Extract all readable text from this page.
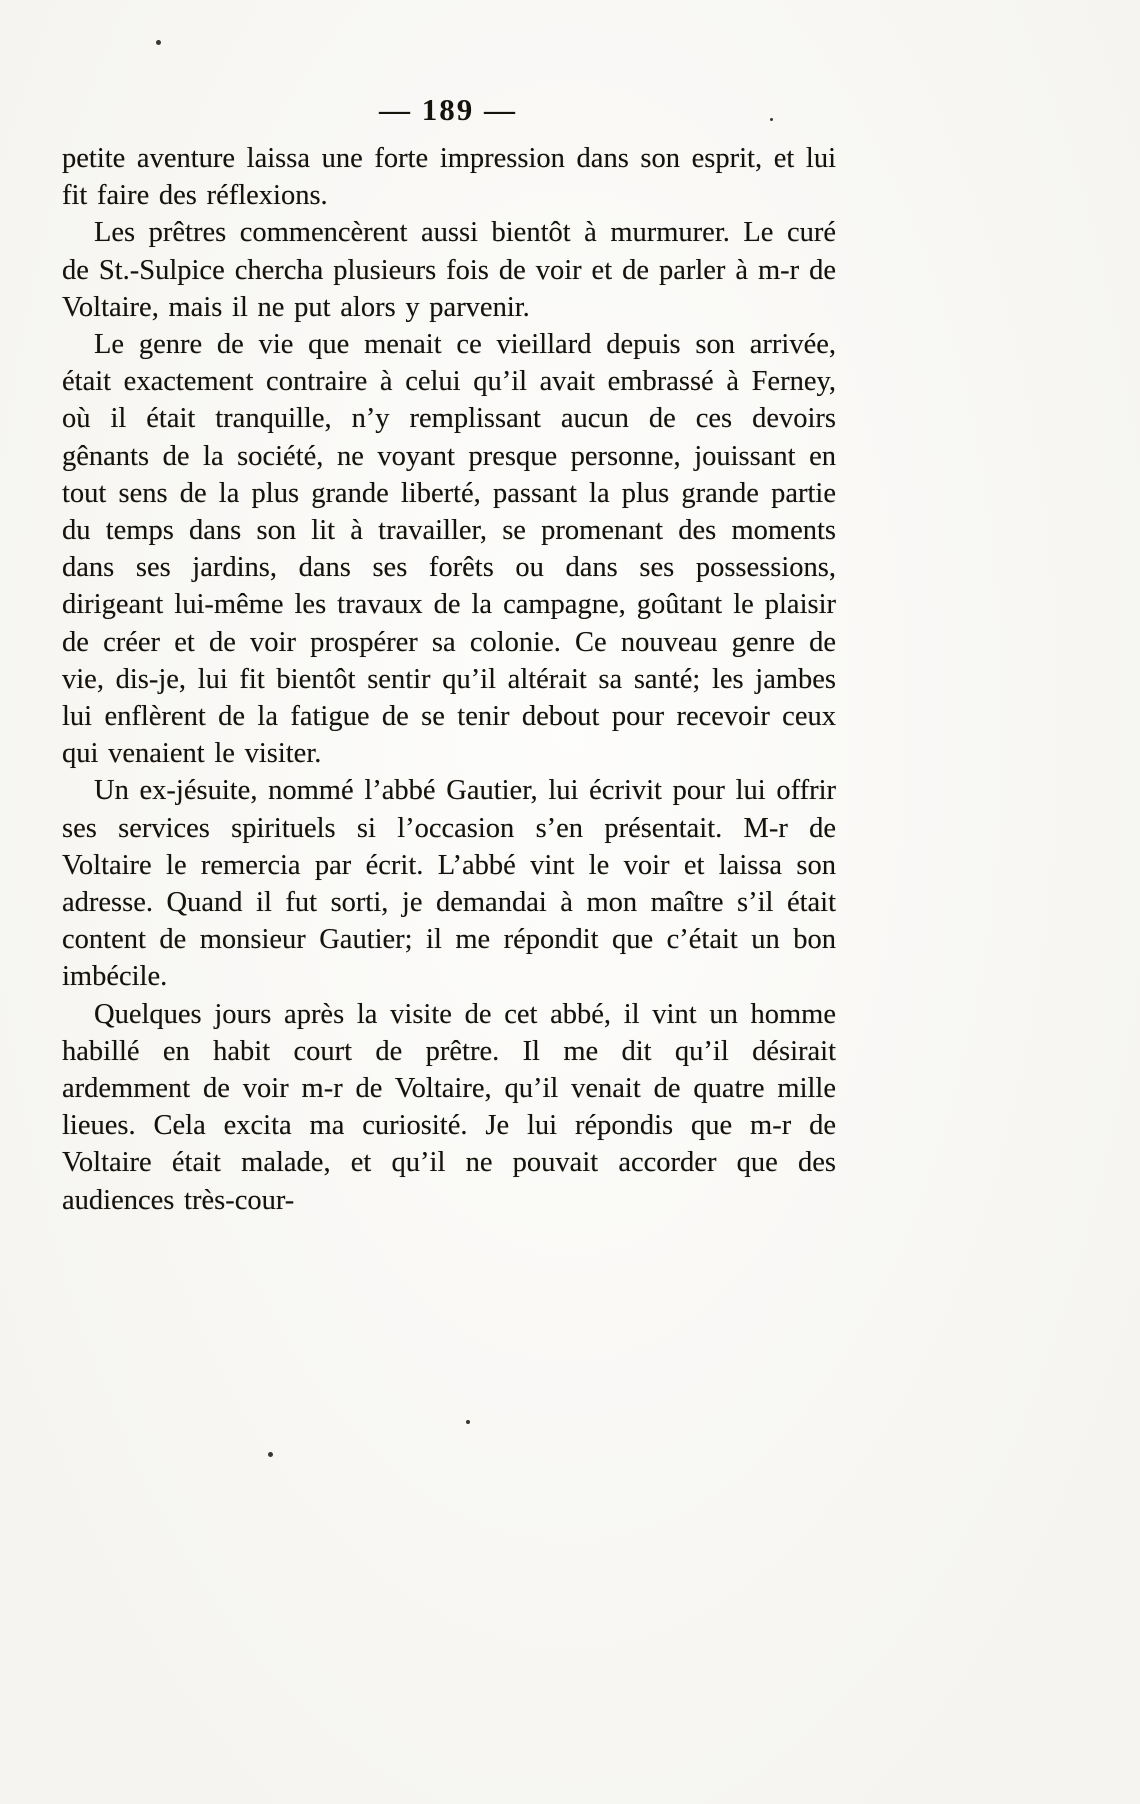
— 189 —

petite aventure laissa une forte impression dans son esprit, et lui fit faire des réflexions.

Les prêtres commencèrent aussi bientôt à murmurer. Le curé de St.-Sulpice chercha plusieurs fois de voir et de parler à m-r de Voltaire, mais il ne put alors y parvenir.

Le genre de vie que menait ce vieillard depuis son arrivée, était exactement contraire à celui qu’il avait embrassé à Ferney, où il était tranquille, n’y remplissant aucun de ces devoirs gênants de la société, ne voyant presque personne, jouissant en tout sens de la plus grande liberté, passant la plus grande partie du temps dans son lit à travailler, se promenant des moments dans ses jardins, dans ses forêts ou dans ses possessions, dirigeant lui-même les travaux de la campagne, goûtant le plaisir de créer et de voir prospérer sa colonie. Ce nouveau genre de vie, dis-je, lui fit bientôt sentir qu’il altérait sa santé; les jambes lui enflèrent de la fatigue de se tenir debout pour recevoir ceux qui venaient le visiter.

Un ex-jésuite, nommé l’abbé Gautier, lui écrivit pour lui offrir ses services spirituels si l’occasion s’en présentait. M-r de Voltaire le remercia par écrit. L’abbé vint le voir et laissa son adresse. Quand il fut sorti, je demandai à mon maître s’il était content de monsieur Gautier; il me répondit que c’était un bon imbécile.

Quelques jours après la visite de cet abbé, il vint un homme habillé en habit court de prêtre. Il me dit qu’il désirait ardemment de voir m-r de Voltaire, qu’il venait de quatre mille lieues. Cela excita ma curiosité. Je lui répondis que m-r de Voltaire était malade, et qu’il ne pouvait accorder que des audiences très-cour-
